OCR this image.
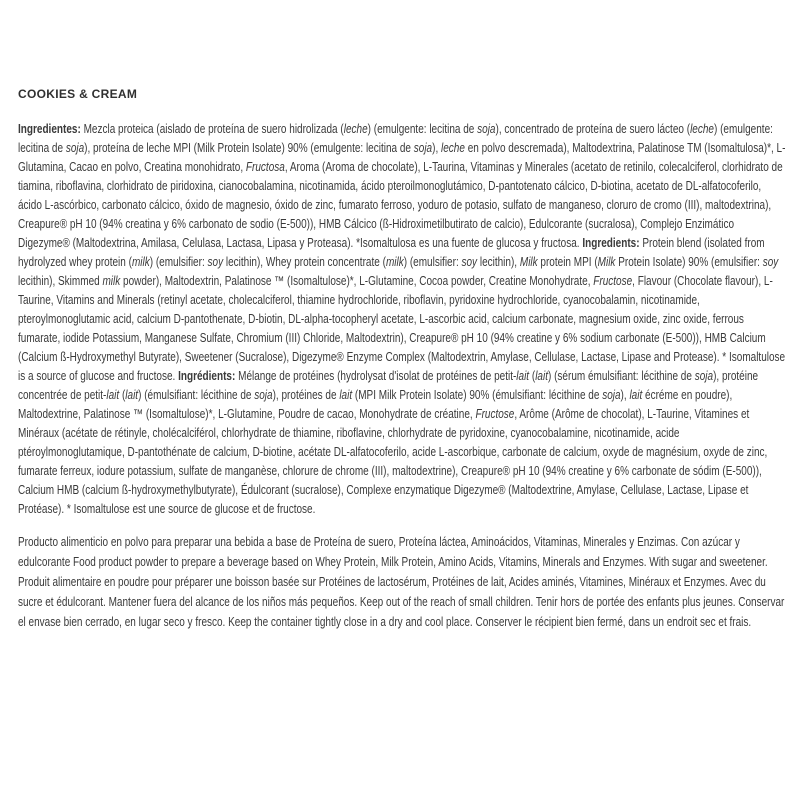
COOKIES & CREAM

Ingredientes: Mezcla proteica (aislado de proteína de suero hidrolizada (leche) (emulgente: lecitina de soja), concentrado de proteína de suero lácteo (leche) (emulgente: lecitina de soja), proteína de leche MPI (Milk Protein Isolate) 90% (emulgente: lecitina de soja), leche en polvo descremada), Maltodextrina, Palatinose TM (Isomaltulosa)*, L-Glutamina, Cacao en polvo, Creatina monohidrato, Fructosa, Aroma (Aroma de chocolate), L-Taurina, Vitaminas y Minerales (acetato de retinilo, colecalciferol, clorhidrato de tiamina, riboflavina, clorhidrato de piridoxina, cianocobalamina, nicotinamida, ácido pteroilmonoglutámico, D-pantotenato cálcico, D-biotina, acetato de DL-alfatocoferilo, ácido L-ascórbico, carbonato cálcico, óxido de magnesio, óxido de zinc, fumarato ferroso, yoduro de potasio, sulfato de manganeso, cloruro de cromo (III), maltodextrina), Creapure® pH 10 (94% creatina y 6% carbonato de sodio (E-500)), HMB Cálcico (ß-Hidroximetilbutirato de calcio), Edulcorante (sucralosa), Complejo Enzimático Digezyme® (Maltodextrina, Amilasa, Celulasa, Lactasa, Lipasa y Proteasa). *Isomaltulosa es una fuente de glucosa y fructosa. Ingredients: Protein blend (isolated from hydrolyzed whey protein (milk) (emulsifier: soy lecithin), Whey protein concentrate (milk) (emulsifier: soy lecithin), Milk protein MPI (Milk Protein Isolate) 90% (emulsifier: soy lecithin), Skimmed milk powder), Maltodextrin, Palatinose ™ (Isomaltulose)*, L-Glutamine, Cocoa powder, Creatine Monohydrate, Fructose, Flavour (Chocolate flavour), L-Taurine, Vitamins and Minerals (retinyl acetate, cholecalciferol, thiamine hydrochloride, riboflavin, pyridoxine hydrochloride, cyanocobalamin, nicotinamide, pteroylmonoglutamic acid, calcium D-pantothenate, D-biotin, DL-alpha-tocopheryl acetate, L-ascorbic acid, calcium carbonate, magnesium oxide, zinc oxide, ferrous fumarate, iodide Potassium, Manganese Sulfate, Chromium (III) Chloride, Maltodextrin), Creapure® pH 10 (94% creatine y 6% sodium carbonate (E-500)), HMB Calcium (Calcium ß-Hydroxymethyl Butyrate), Sweetener (Sucralose), Digezyme® Enzyme Complex (Maltodextrin, Amylase, Cellulase, Lactase, Lipase and Protease). * Isomaltulose is a source of glucose and fructose. Ingrédients: Mélange de protéines (hydrolysat d'isolat de protéines de petit-lait (lait) (sérum émulsifiant: lécithine de soja), protéine concentrée de petit-lait (lait) (émulsifiant: lécithine de soja), protéines de lait (MPI Milk Protein Isolate) 90% (émulsifiant: lécithine de soja), lait écréme en poudre), Maltodextrine, Palatinose ™ (Isomaltulose)*, L-Glutamine, Poudre de cacao, Monohydrate de créatine, Fructose, Arôme (Arôme de chocolat), L-Taurine, Vitamines et Minéraux (acétate de rétinyle, cholécalciférol, chlorhydrate de thiamine, riboflavine, chlorhydrate de pyridoxine, cyanocobalamine, nicotinamide, acide ptéroylmonoglutamique, D-pantothénate de calcium, D-biotine, acétate DL-alfatocoferilo, acide L-ascorbique, carbonate de calcium, oxyde de magnésium, oxyde de zinc, fumarate ferreux, iodure potassium, sulfate de manganèse, chlorure de chrome (III), maltodextrine), Creapure® pH 10 (94% creatine y 6% carbonate de sódim (E-500)), Calcium HMB (calcium ß-hydroxymethylbutyrate), Édulcorant (sucralose), Complexe enzymatique Digezyme® (Maltodextrine, Amylase, Cellulase, Lactase, Lipase et Protéase). * Isomaltulose est une source de glucose et de fructose.

Producto alimenticio en polvo para preparar una bebida a base de Proteína de suero, Proteína láctea, Aminoácidos, Vitaminas, Minerales y Enzimas. Con azúcar y edulcorante Food product powder to prepare a beverage based on Whey Protein, Milk Protein, Amino Acids, Vitamins, Minerals and Enzymes. With sugar and sweetener. Produit alimentaire en poudre pour préparer une boisson basée sur Protéines de lactosérum, Protéines de lait, Acides aminés, Vitamines, Minéraux et Enzymes. Avec du sucre et édulcorant. Mantener fuera del alcance de los niños más pequeños. Keep out of the reach of small children. Tenir hors de portée des enfants plus jeunes. Conservar el envase bien cerrado, en lugar seco y fresco. Keep the container tightly close in a dry and cool place. Conserver le récipient bien fermé, dans un endroit sec et frais.
